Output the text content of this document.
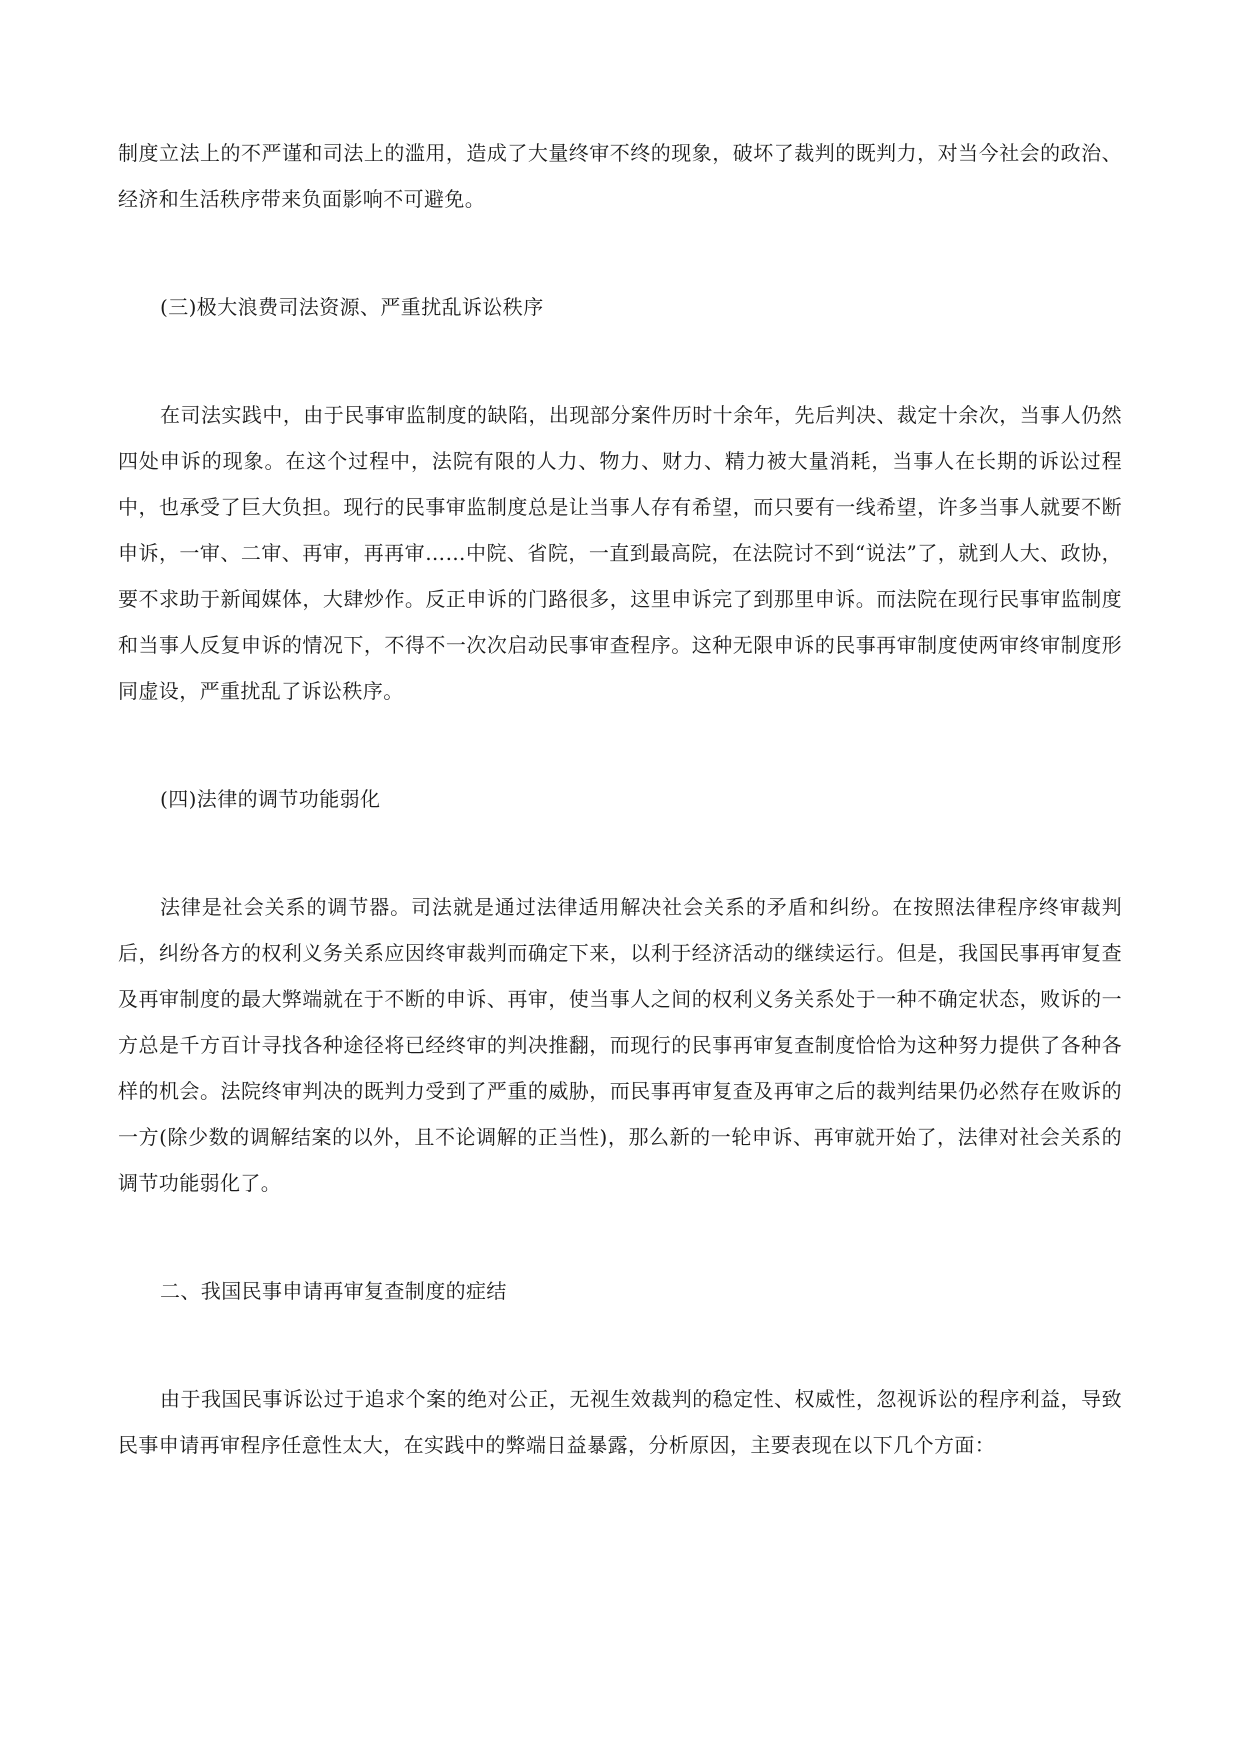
制度立法上的不严谨和司法上的滥用，造成了大量终审不终的现象，破坏了裁判的既判力，对当今社会的政治、经济和生活秩序带来负面影响不可避免。

(三)极大浪费司法资源、严重扰乱诉讼秩序

在司法实践中，由于民事审监制度的缺陷，出现部分案件历时十余年，先后判决、裁定十余次，当事人仍然四处申诉的现象。在这个过程中，法院有限的人力、物力、财力、精力被大量消耗，当事人在长期的诉讼过程中，也承受了巨大负担。现行的民事审监制度总是让当事人存有希望，而只要有一线希望，许多当事人就要不断申诉，一审、二审、再审，再再审……中院、省院，一直到最高院，在法院讨不到“说法”了，就到人大、政协，要不求助于新闻媒体，大肆炒作。反正申诉的门路很多，这里申诉完了到那里申诉。而法院在现行民事审监制度和当事人反复申诉的情况下，不得不一次次启动民事审查程序。这种无限申诉的民事再审制度使两审终审制度形同虚设，严重扰乱了诉讼秩序。

(四)法律的调节功能弱化

法律是社会关系的调节器。司法就是通过法律适用解决社会关系的矛盾和纠纷。在按照法律程序终审裁判后，纠纷各方的权利义务关系应因终审裁判而确定下来，以利于经济活动的继续运行。但是，我国民事再审复查及再审制度的最大弊端就在于不断的申诉、再审，使当事人之间的权利义务关系处于一种不确定状态，败诉的一方总是千方百计寻找各种途径将已经终审的判决推翻，而现行的民事再审复查制度恰恰为这种努力提供了各种各样的机会。法院终审判决的既判力受到了严重的威胁，而民事再审复查及再审之后的裁判结果仍必然存在败诉的一方(除少数的调解结案的以外，且不论调解的正当性)，那么新的一轮申诉、再审就开始了，法律对社会关系的调节功能弱化了。

二、我国民事申请再审复查制度的症结

由于我国民事诉讼过于追求个案的绝对公正，无视生效裁判的稳定性、权威性，忽视诉讼的程序利益，导致民事申请再审程序任意性太大，在实践中的弊端日益暴露，分析原因，主要表现在以下几个方面：
